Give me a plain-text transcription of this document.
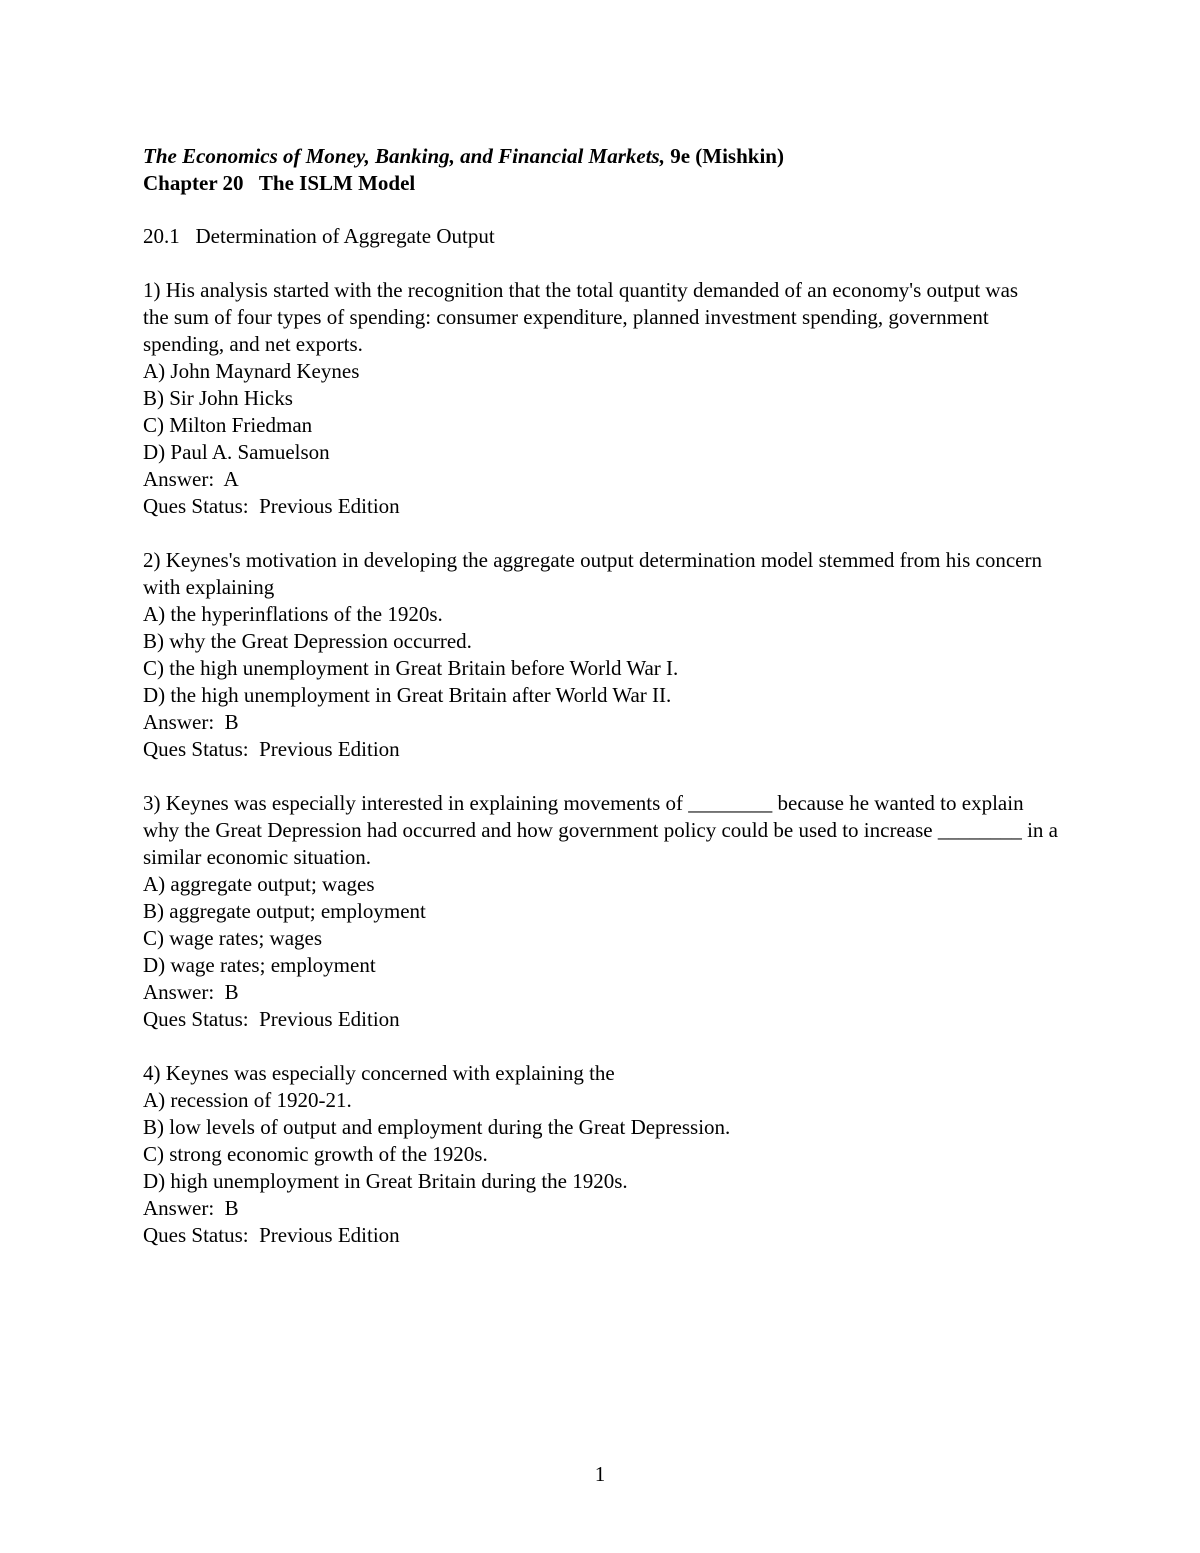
The Economics of Money, Banking, and Financial Markets, 9e (Mishkin)
Chapter 20   The ISLM Model
20.1   Determination of Aggregate Output
1) His analysis started with the recognition that the total quantity demanded of an economy's output was the sum of four types of spending: consumer expenditure, planned investment spending, government spending, and net exports.
A) John Maynard Keynes
B) Sir John Hicks
C) Milton Friedman
D) Paul A. Samuelson
Answer:  A
Ques Status:  Previous Edition
2) Keynes's motivation in developing the aggregate output determination model stemmed from his concern with explaining
A) the hyperinflations of the 1920s.
B) why the Great Depression occurred.
C) the high unemployment in Great Britain before World War I.
D) the high unemployment in Great Britain after World War II.
Answer:  B
Ques Status:  Previous Edition
3) Keynes was especially interested in explaining movements of ________ because he wanted to explain why the Great Depression had occurred and how government policy could be used to increase ________ in a similar economic situation.
A) aggregate output; wages
B) aggregate output; employment
C) wage rates; wages
D) wage rates; employment
Answer:  B
Ques Status:  Previous Edition
4) Keynes was especially concerned with explaining the
A) recession of 1920-21.
B) low levels of output and employment during the Great Depression.
C) strong economic growth of the 1920s.
D) high unemployment in Great Britain during the 1920s.
Answer:  B
Ques Status:  Previous Edition
1
